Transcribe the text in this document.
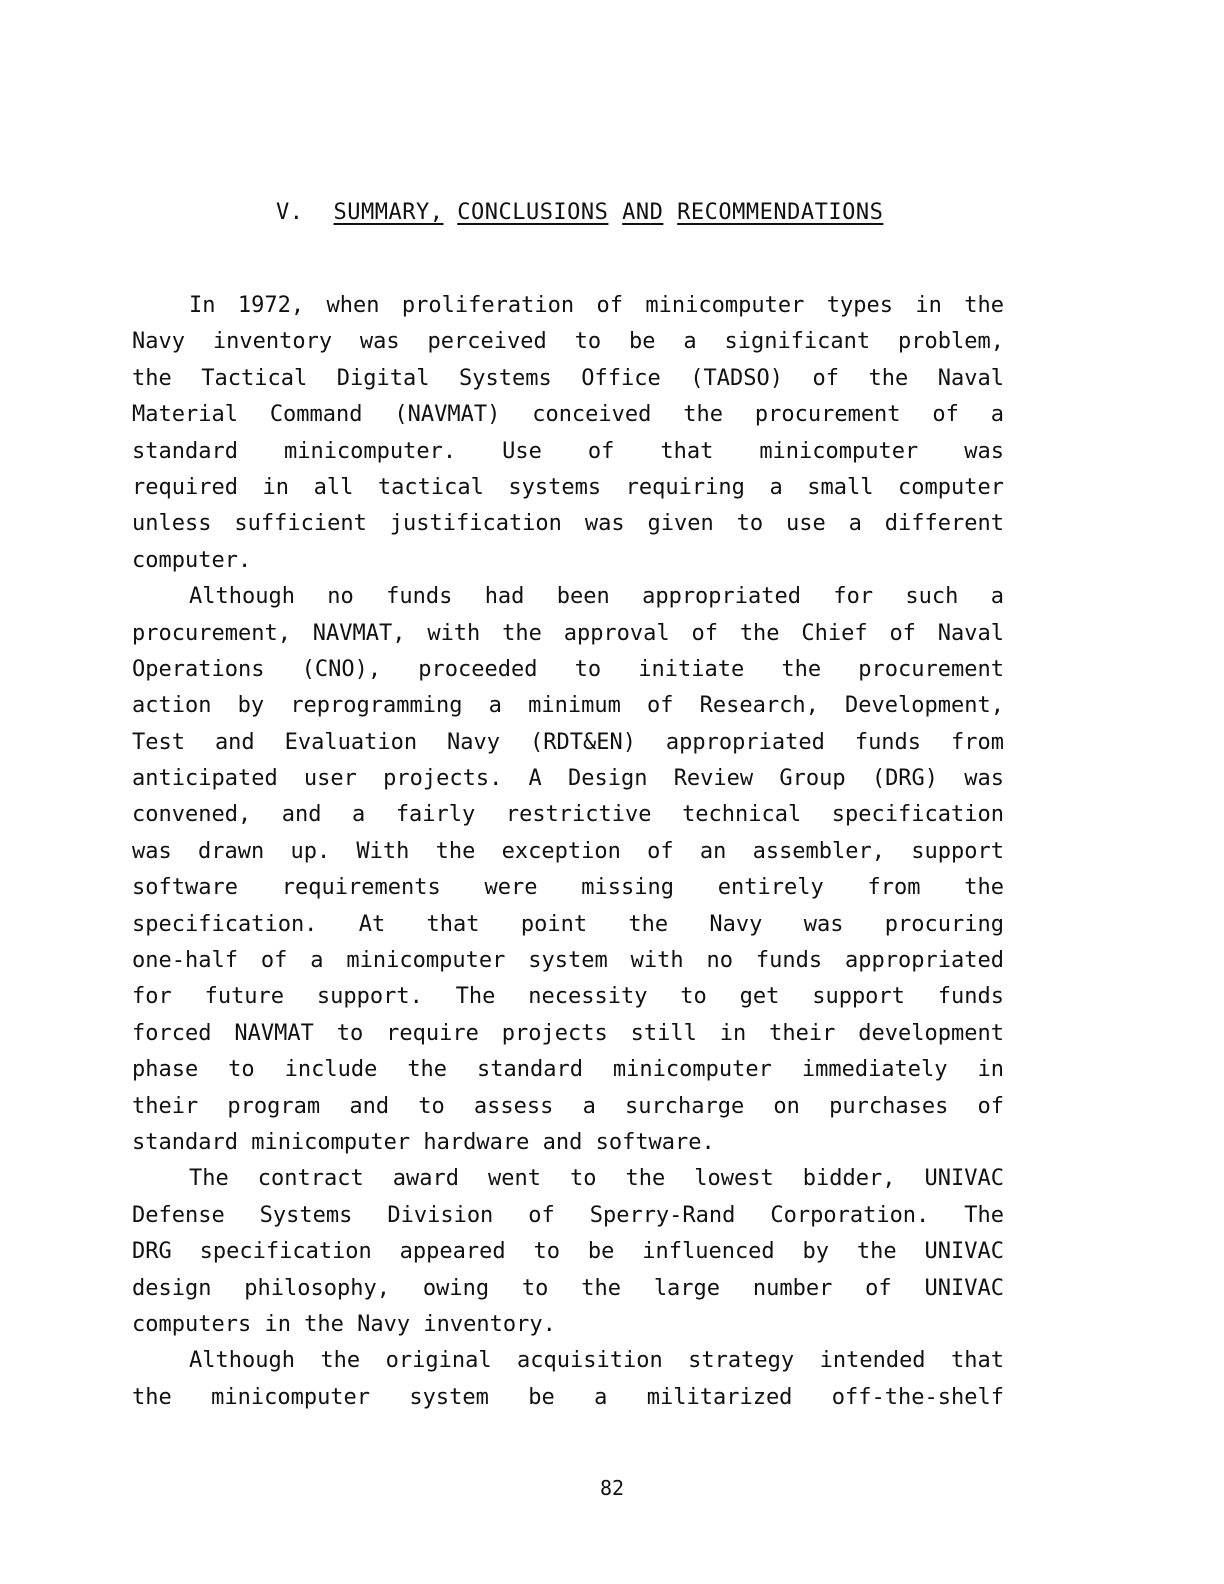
V. SUMMARY, CONCLUSIONS AND RECOMMENDATIONS
In 1972, when proliferation of minicomputer types in the
Navy inventory was perceived to be a significant problem,
the Tactical Digital Systems Office (TADSO) of the Naval
Material Command (NAVMAT) conceived the procurement of a
standard minicomputer. Use of that minicomputer was
required in all tactical systems requiring a small computer
unless sufficient justification was given to use a different
computer.
Although no funds had been appropriated for such a
procurement, NAVMAT, with the approval of the Chief of Naval
Operations (CNO), proceeded to initiate the procurement
action by reprogramming a minimum of Research, Development,
Test and Evaluation Navy (RDT&EN) appropriated funds from
anticipated user projects. A Design Review Group (DRG) was
convened, and a fairly restrictive technical specification
was drawn up. With the exception of an assembler, support
software requirements were missing entirely from the
specification. At that point the Navy was procuring
one-half of a minicomputer system with no funds appropriated
for future support. The necessity to get support funds
forced NAVMAT to require projects still in their development
phase to include the standard minicomputer immediately in
their program and to assess a surcharge on purchases of
standard minicomputer hardware and software.
The contract award went to the lowest bidder, UNIVAC
Defense Systems Division of Sperry-Rand Corporation. The
DRG specification appeared to be influenced by the UNIVAC
design philosophy, owing to the large number of UNIVAC
computers in the Navy inventory.
Although the original acquisition strategy intended that
the minicomputer system be a militarized off-the-shelf
82
